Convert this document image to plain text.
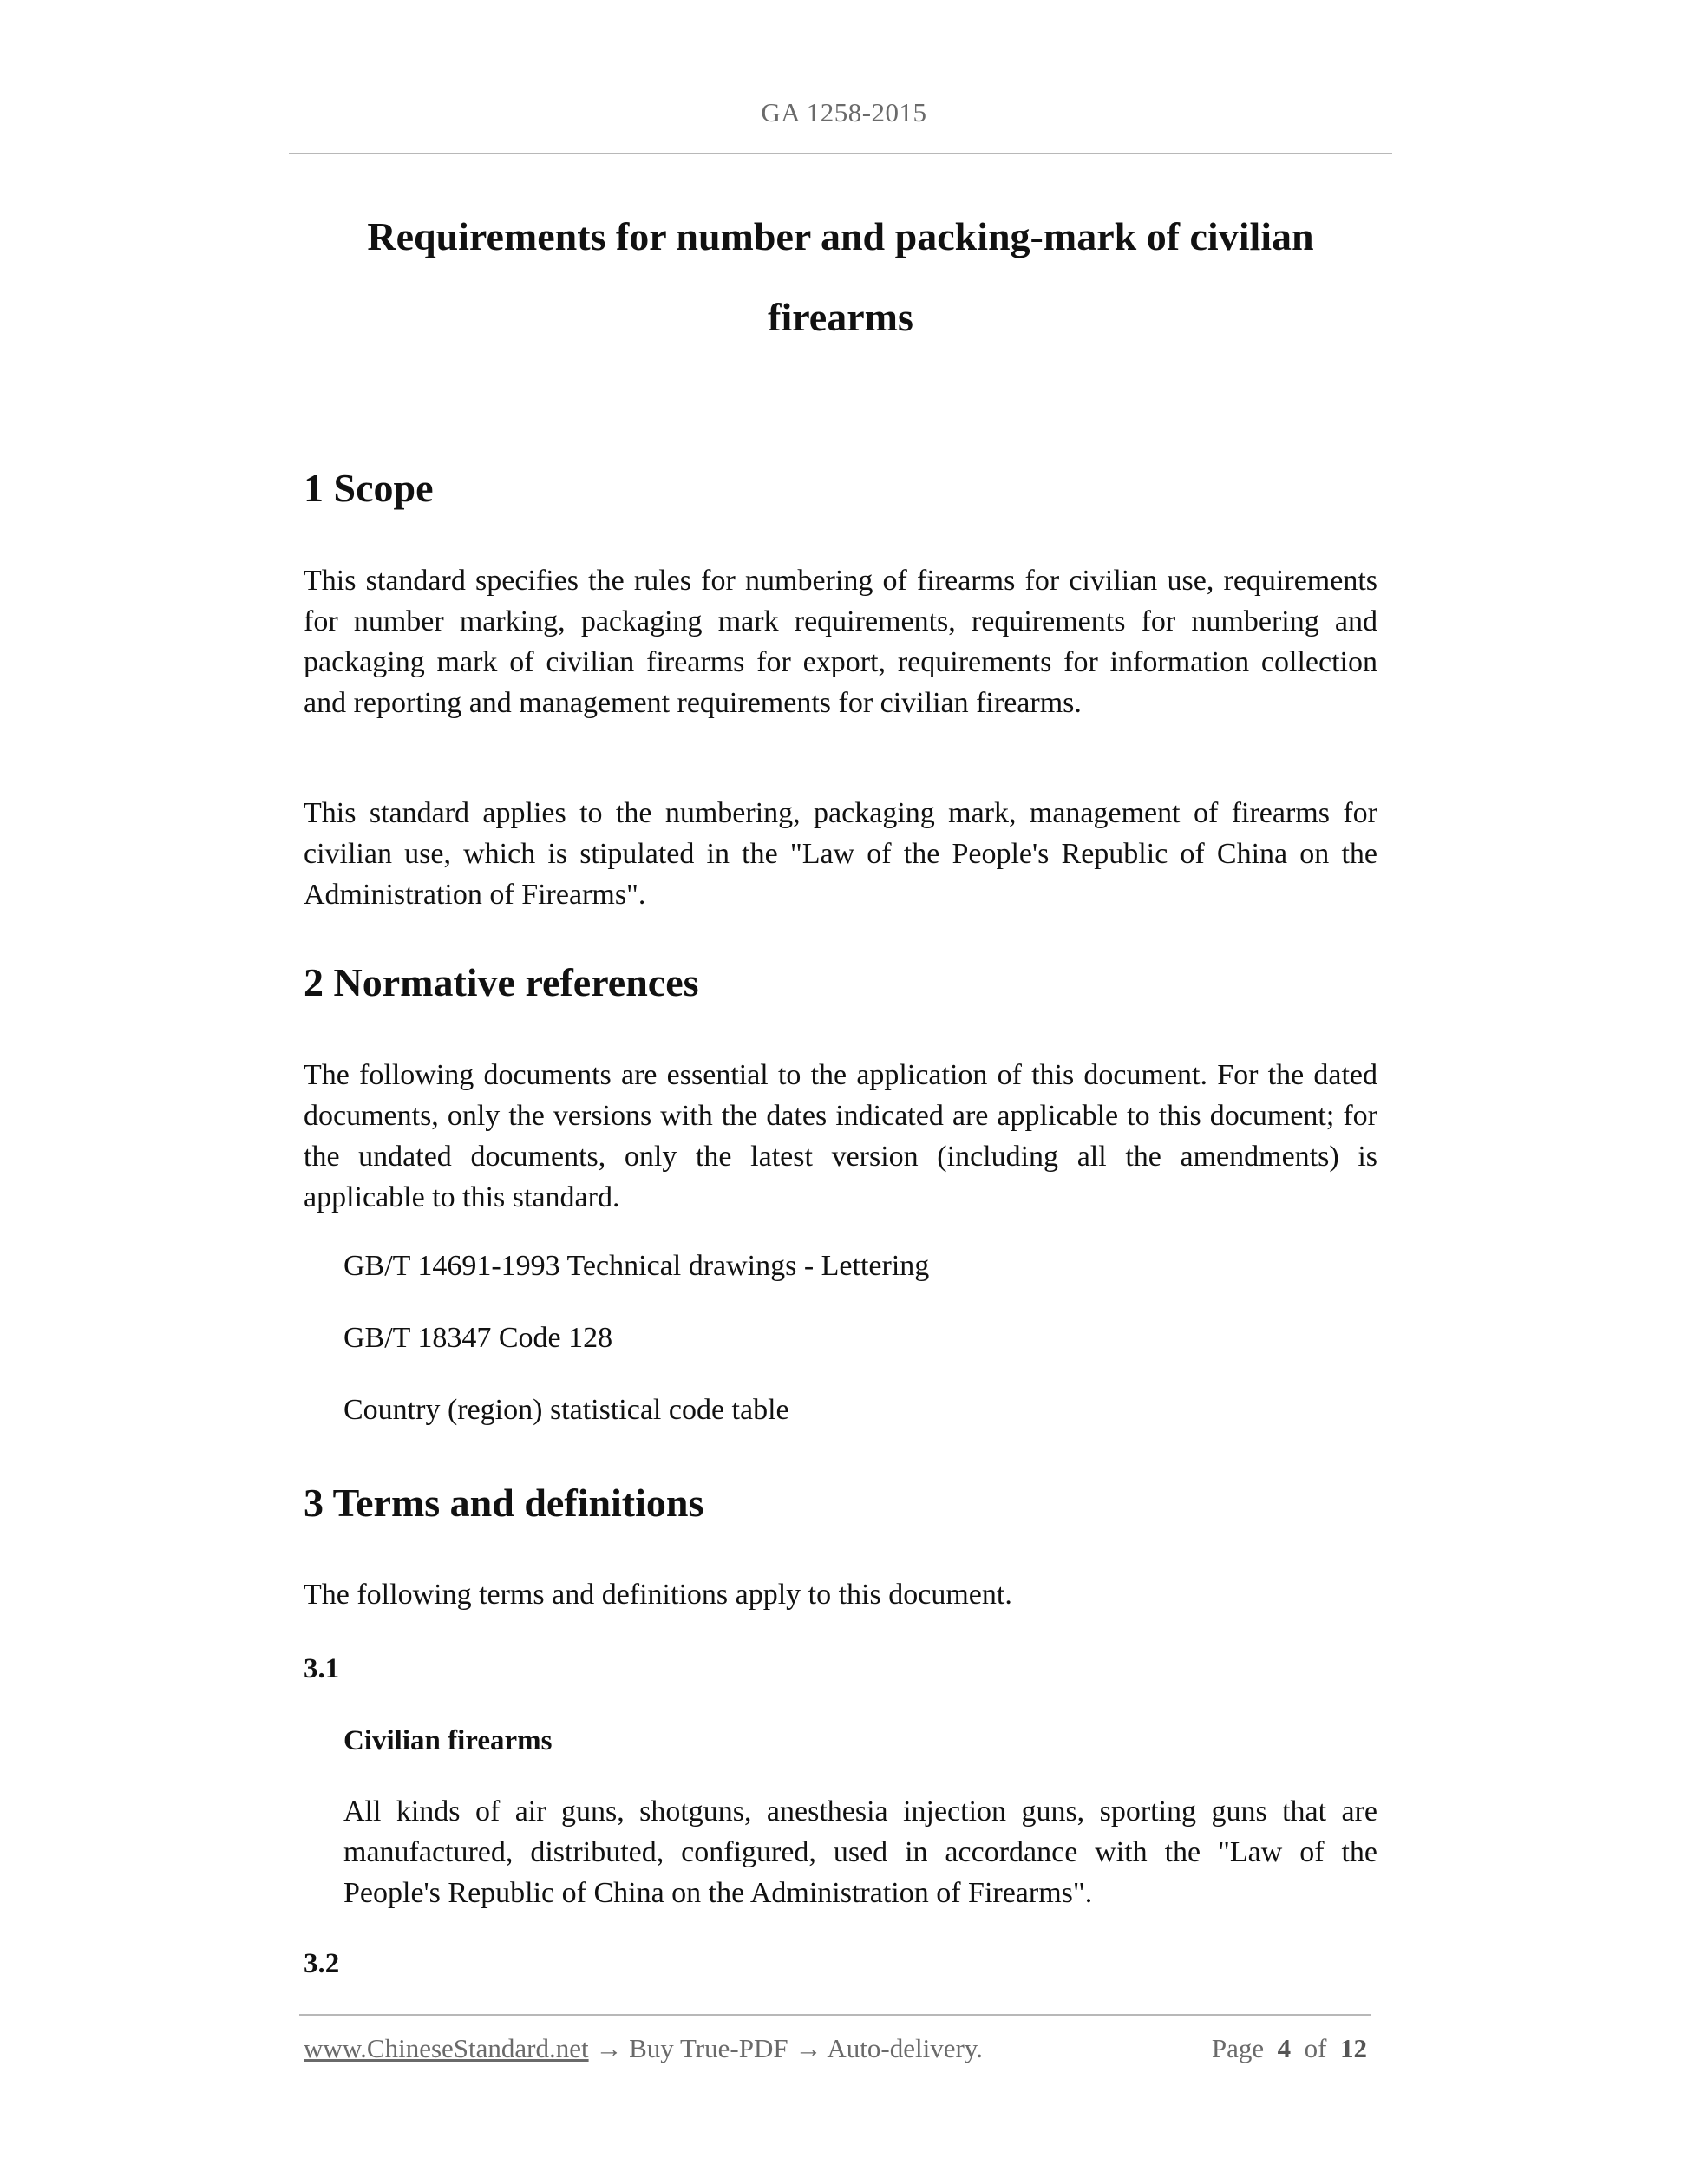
GA 1258-2015
Requirements for number and packing-mark of civilian
firearms
1 Scope

This standard specifies the rules for numbering of firearms for civilian use, requirements for number marking, packaging mark requirements, requirements for numbering and packaging mark of civilian firearms for export, requirements for information collection and reporting and management requirements for civilian firearms.

This standard applies to the numbering, packaging mark, management of firearms for civilian use, which is stipulated in the "Law of the People's Republic of China on the Administration of Firearms".

2 Normative references

The following documents are essential to the application of this document. For the dated documents, only the versions with the dates indicated are applicable to this document; for the undated documents, only the latest version (including all the amendments) is applicable to this standard.

GB/T 14691-1993 Technical drawings - Lettering

GB/T 18347 Code 128

Country (region) statistical code table

3 Terms and definitions

The following terms and definitions apply to this document.

3.1

Civilian firearms

All kinds of air guns, shotguns, anesthesia injection guns, sporting guns that are manufactured, distributed, configured, used in accordance with the "Law of the People's Republic of China on the Administration of Firearms".

3.2

www.ChineseStandard.net → Buy True-PDF → Auto-delivery.	Page 4 of 12
